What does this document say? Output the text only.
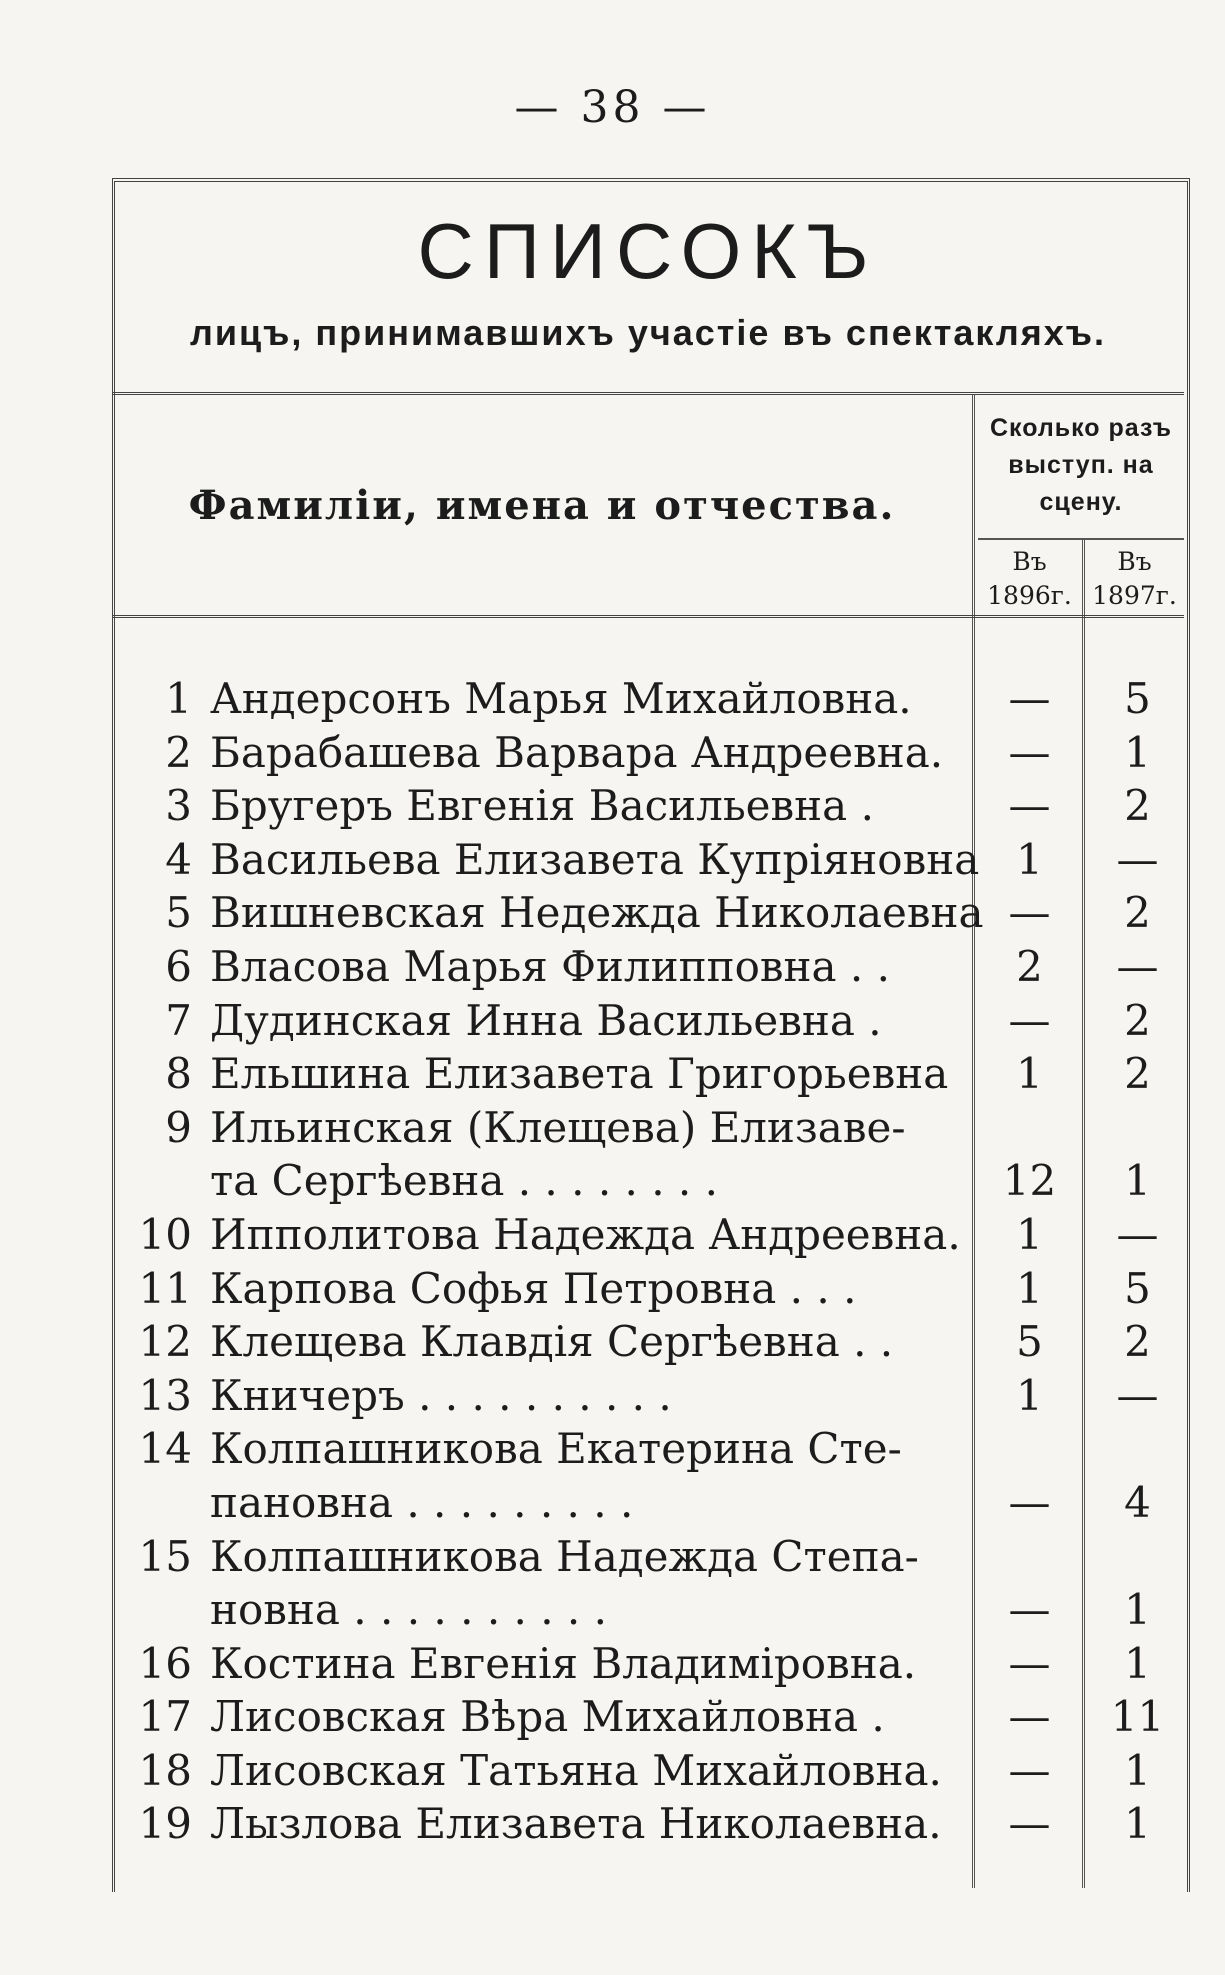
— 38 —
СПИСОКЪ
лицъ, принимавшихъ участіе въ спектакляхъ.
Фамиліи, имена и отчества.
Сколько разъ
выступ. на
сцену.
Въ
1896г.
Въ
1897г.
1 Андерсонъ Марья Михайловна.	—	5
2 Барабашева Варвара Андреевна.	—	1
3 Бругеръ Евгенія Васильевна .	—	2
4 Васильева Елизавета Купріяновна 1	—
5 Вишневская Недежда Николаевна —	2
6 Власова Марья Филипповна . .	2	—
7 Дудинская Инна Васильевна .	—	2
8 Ельшина Елизавета Григорьевна	1	2
9 Ильинская (Клещева) Елизаве-
та Сергѣевна . . . . . . . .	12	1
10 Ипполитова Надежда Андреевна.	1	—
11 Карпова Софья Петровна . . .	1	5
12 Клещева Клавдія Сергѣевна . .	5	2
13 Кничеръ . . . . . . . . . .	1	—
14 Колпашникова Екатерина Сте-
пановна . . . . . . . . .	—	4
15 Колпашникова Надежда Степа-
новна . . . . . . . . . .	—	1
16 Костина Евгенія Владиміровна.	—	1
17 Лисовская Вѣра Михайловна .	—	11
18 Лисовская Татьяна Михайловна.	—	1
19 Лызлова Елизавета Николаевна.	—	1
